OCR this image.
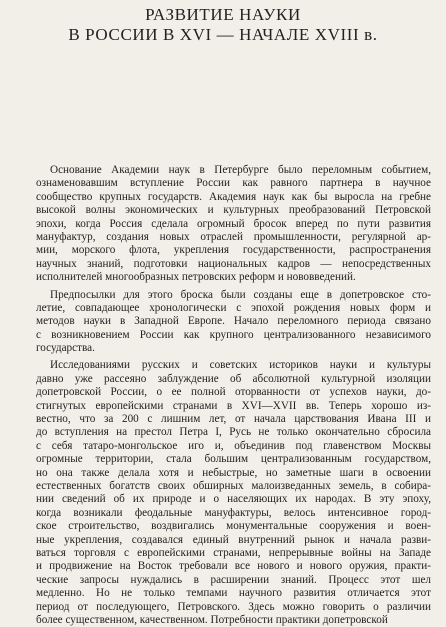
РАЗВИТИЕ НАУКИ
В РОССИИ В XVI — НАЧАЛЕ XVIII в.
Основание Академии наук в Петербурге было переломным событием,
ознаменовавшим вступление России как равного партнера в научное
сообщество крупных государств. Академия наук как бы выросла на гребне
высокой волны экономических и культурных преобразований Петровской
эпохи, когда Россия сделала огромный бросок вперед по пути развития
мануфактур, создания новых отраслей промышленности, регулярной ар-
мии, морского флота, укрепления государственности, распространения
научных знаний, подготовки национальных кадров — непосредственных
исполнителей многообразных петровских реформ и нововведений.
Предпосылки для этого броска были созданы еще в допетровское сто-
летие, совпадающее хронологически с эпохой рождения новых форм и
методов науки в Западной Европе. Начало переломного периода связано
с возникновением России как крупного централизованного независимого
государства.
Исследованиями русских и советских историков науки и культуры
давно уже рассеяно заблуждение об абсолютной культурной изоляции
допетровской России, о ее полной оторванности от успехов науки, до-
стигнутых европейскими странами в XVI—XVII вв. Теперь хорошо из-
вестно, что за 200 с лишним лет, от начала царствования Ивана III и
до вступления на престол Петра I, Русь не только окончательно сбросила
с себя татаро-монгольское иго и, объединив под главенством Москвы
огромные территории, стала большим централизованным государством,
но она также делала хотя и небыстрые, но заметные шаги в освоении
естественных богатств своих обширных малоизведанных земель, в собира-
нии сведений об их природе и о населяющих их народах. В эту эпоху,
когда возникали феодальные мануфактуры, велось интенсивное город-
ское строительство, воздвигались монументальные сооружения и воен-
ные укрепления, создавался единый внутренний рынок и начала разви-
ваться торговля с европейскими странами, непрерывные войны на Западе
и продвижение на Восток требовали все нового и нового оружия, практи-
ческие запросы нуждались в расширении знаний. Процесс этот шел
медленно. Но не только темпами научного развития отличается этот
период от последующего, Петровского. Здесь можно говорить о различии
более существенном, качественном. Потребности практики допетровской
